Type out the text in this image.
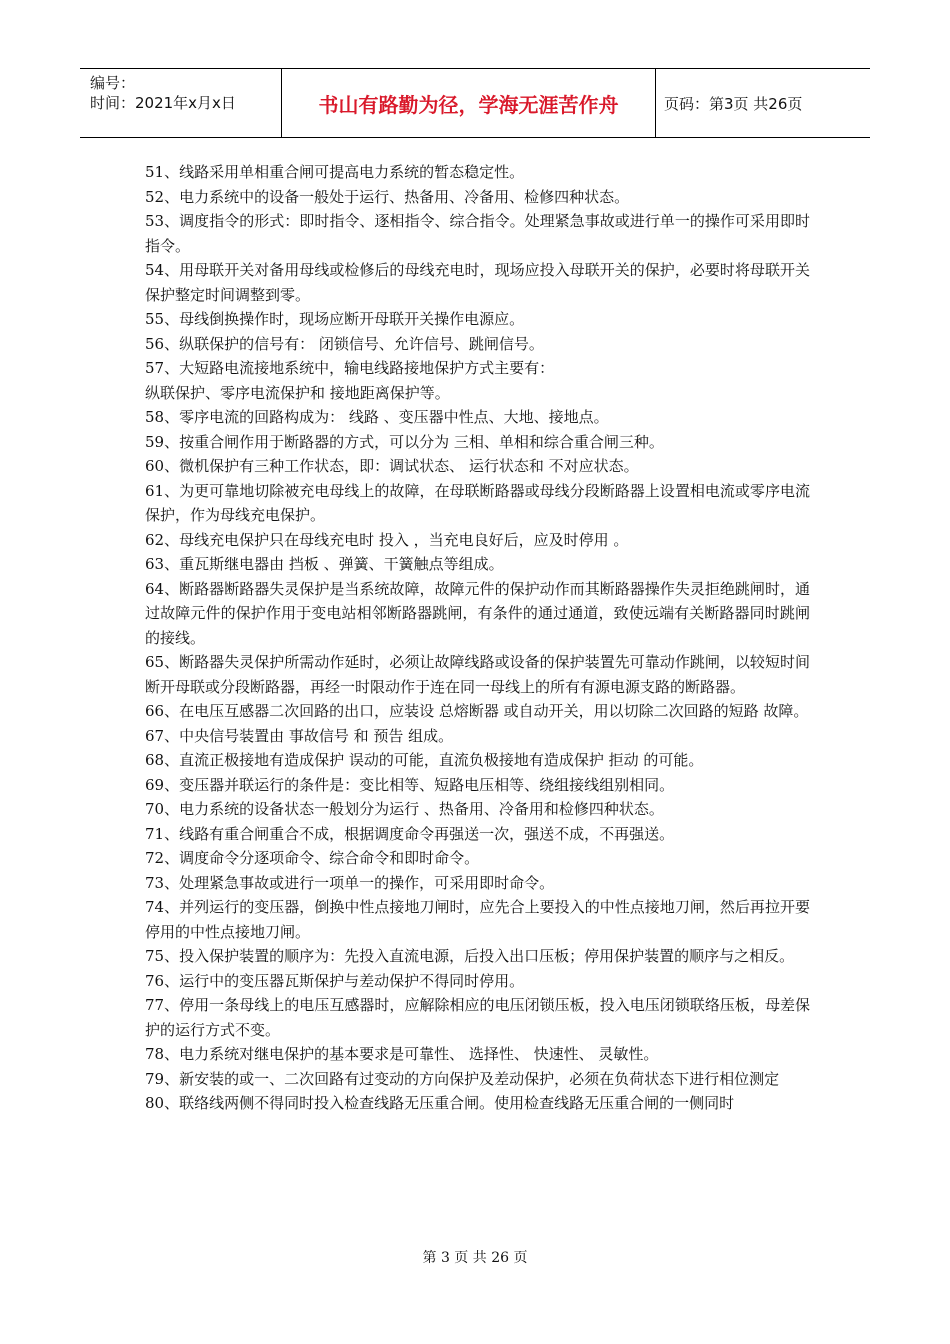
编号：
时间：2021年x月x日	书山有路勤为径，学海无涯苦作舟	页码：第3页 共26页

51、线路采用单相重合闸可提高电力系统的暂态稳定性。

52、电力系统中的设备一般处于运行、热备用、冷备用、检修四种状态。

53、调度指令的形式：即时指令、逐相指令、综合指令。处理紧急事故或进行单一的操作可采用即时指令。

54、用母联开关对备用母线或检修后的母线充电时，现场应投入母联开关的保护，必要时将母联开关保护整定时间调整到零。

55、母线倒换操作时，现场应断开母联开关操作电源应。

56、纵联保护的信号有： 闭锁信号、允许信号、跳闸信号。

57、大短路电流接地系统中，输电线路接地保护方式主要有：

纵联保护、零序电流保护和 接地距离保护等。

58、零序电流的回路构成为： 线路 、变压器中性点、大地、接地点。

59、按重合闸作用于断路器的方式，可以分为 三相、单相和综合重合闸三种。

60、微机保护有三种工作状态，即：调试状态、 运行状态和 不对应状态。

61、为更可靠地切除被充电母线上的故障，在母联断路器或母线分段断路器上设置相电流或零序电流保护，作为母线充电保护。

62、母线充电保护只在母线充电时 投入 ，当充电良好后，应及时停用 。

63、重瓦斯继电器由 挡板 、弹簧、干簧触点等组成。

64、断路器断路器失灵保护是当系统故障，故障元件的保护动作而其断路器操作失灵拒绝跳闸时，通过故障元件的保护作用于变电站相邻断路器跳闸，有条件的通过通道，致使远端有关断路器同时跳闸的接线。

65、断路器失灵保护所需动作延时，必须让故障线路或设备的保护装置先可靠动作跳闸，以较短时间断开母联或分段断路器，再经一时限动作于连在同一母线上的所有有源电源支路的断路器。

66、在电压互感器二次回路的出口，应装设 总熔断器 或自动开关，用以切除二次回路的短路 故障。

67、中央信号装置由 事故信号 和 预告 组成。

68、直流正极接地有造成保护 误动的可能，直流负极接地有造成保护 拒动 的可能。

69、变压器并联运行的条件是：变比相等、短路电压相等、绕组接线组别相同。

70、电力系统的设备状态一般划分为运行 、热备用、冷备用和检修四种状态。

71、线路有重合闸重合不成，根据调度命令再强送一次，强送不成，不再强送。

72、调度命令分逐项命令、综合命令和即时命令。

73、处理紧急事故或进行一项单一的操作，可采用即时命令。

74、并列运行的变压器，倒换中性点接地刀闸时，应先合上要投入的中性点接地刀闸，然后再拉开要停用的中性点接地刀闸。

75、投入保护装置的顺序为：先投入直流电源，后投入出口压板；停用保护装置的顺序与之相反。

76、运行中的变压器瓦斯保护与差动保护不得同时停用。

77、停用一条母线上的电压互感器时，应解除相应的电压闭锁压板，投入电压闭锁联络压板，母差保护的运行方式不变。

78、电力系统对继电保护的基本要求是可靠性、 选择性、 快速性、 灵敏性。

79、新安装的或一、二次回路有过变动的方向保护及差动保护，必须在负荷状态下进行相位测定

80、联络线两侧不得同时投入检查线路无压重合闸。使用检查线路无压重合闸的一侧同时

第 3 页 共 26 页
